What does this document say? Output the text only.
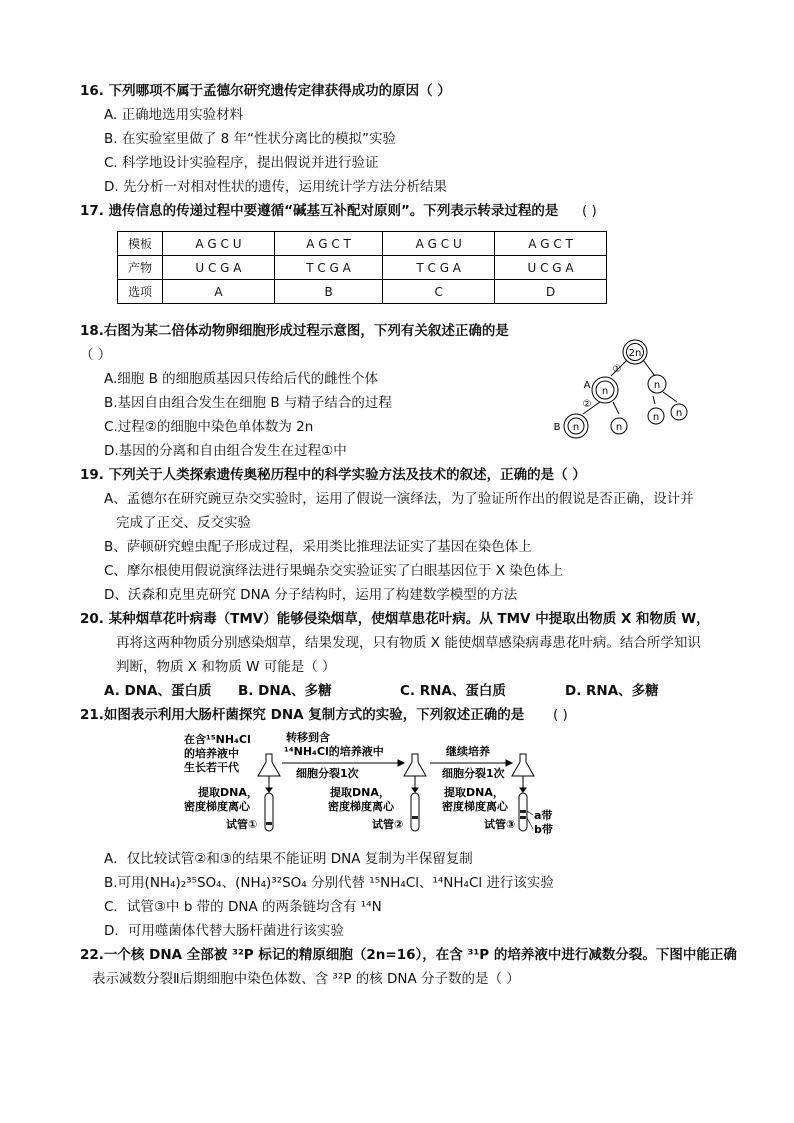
16. 下列哪项不属于孟德尔研究遗传定律获得成功的原因（ ）
A. 正确地选用实验材料
B. 在实验室里做了 8 年“性状分离比的模拟”实验
C. 科学地设计实验程序，提出假说并进行验证
D. 先分析一对相对性状的遗传，运用统计学方法分析结果
17. 遗传信息的传递过程中要遵循“碱基互补配对原则”。下列表示转录过程的是 ( )
模板	A G C U	A G C T	A G C U	A G C T
产物	U C G A	T C G A	T C G A	U C G A
选项	A	B	C	D
18.右图为某二倍体动物卵细胞形成过程示意图，下列有关叙述正确的是
（ ）
A.细胞 B 的细胞质基因只传给后代的雌性个体
B.基因自由组合发生在细胞 B 与精子结合的过程
C.过程②的细胞中染色单体数为 2n
D.基因的分离和自由组合发生在过程①中
2n
n
n
n	n
n n
①
②
A
B
19. 下列关于人类探索遗传奥秘历程中的科学实验方法及技术的叙述，正确的是（ ）
A、孟德尔在研究豌豆杂交实验时，运用了假说一演绎法，为了验证所作出的假说是否正确，设计并
完成了正交、反交实验
B、萨顿研究蝗虫配子形成过程，采用类比推理法证实了基因在染色体上
C、摩尔根使用假说演绎法进行果蝇杂交实验证实了白眼基因位于 X 染色体上
D、沃森和克里克研究 DNA 分子结构时，运用了构建数学模型的方法
20. 某种烟草花叶病毒（TMV）能够侵染烟草，使烟草患花叶病。从 TMV 中提取出物质 X 和物质 W，
再将这两种物质分别感染烟草，结果发现，只有物质 X 能使烟草感染病毒患花叶病。结合所学知识
判断，物质 X 和物质 W 可能是（ ）
A. DNA、蛋白质 B. DNA、多糖	C. RNA、蛋白质	D. RNA、多糖
21.如图表示利用大肠杆菌探究 DNA 复制方式的实验，下列叙述正确的是 ( )
在含¹⁵NH₄Cl
的培养液中
生长若干代
转移到含
¹⁴NH₄Cl的培养液中
细胞分裂1次
继续培养
细胞分裂1次
提取DNA，
密度梯度离心
试管①
提取DNA，
密度梯度离心
试管②
提取DNA，
密度梯度离心
试管③
a带
b带
A．仅比较试管②和③的结果不能证明 DNA 复制为半保留复制
B.可用(NH₄)₂³⁵SO₄、(NH₄)³²SO₄ 分别代替 ¹⁵NH₄Cl、¹⁴NH₄Cl 进行该实验
C．试管③中 b 带的 DNA 的两条链均含有 ¹⁴N
D．可用噬菌体代替大肠杆菌进行该实验
22.一个核 DNA 全部被 ³²P 标记的精原细胞（2n=16），在含 ³¹P 的培养液中进行减数分裂。下图中能正确
表示减数分裂Ⅱ后期细胞中染色体数、含 ³²P 的核 DNA 分子数的是（ ）
